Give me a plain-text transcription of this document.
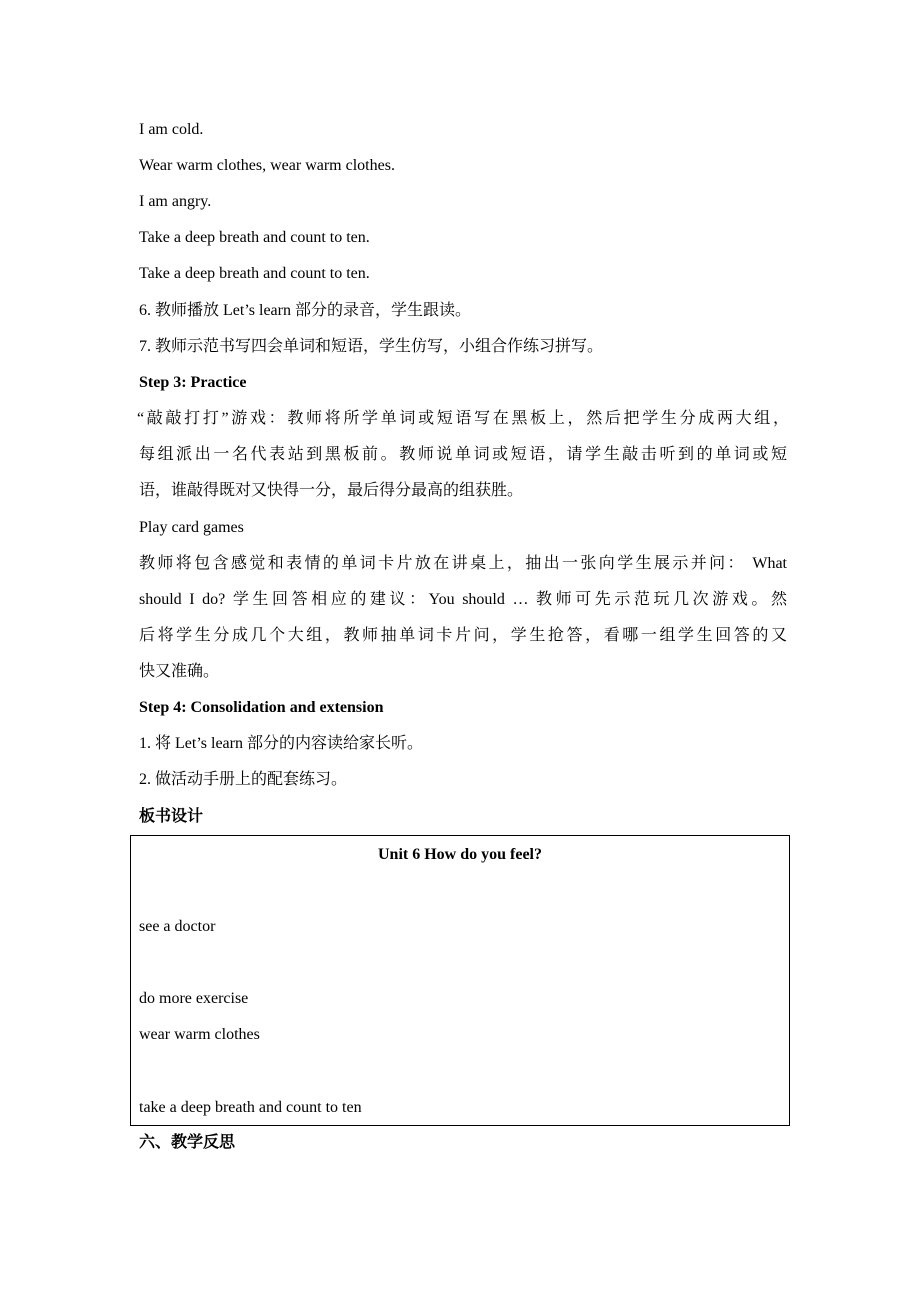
I am cold.
Wear warm clothes, wear warm clothes.
I am angry.
Take a deep breath and count to ten.
Take a deep breath and count to ten.
6. 教师播放 Let’s learn 部分的录音，学生跟读。
7. 教师示范书写四会单词和短语，学生仿写，小组合作练习拼写。
Step 3: Practice
“敲敲打打”游戏：教师将所学单词或短语写在黑板上，然后把学生分成两大组，
每组派出一名代表站到黑板前。教师说单词或短语，请学生敲击听到的单词或短
语，谁敲得既对又快得一分，最后得分最高的组获胜。
Play card games
教师将包含感觉和表情的单词卡片放在讲桌上，抽出一张向学生展示并问： What
should I do? 学生回答相应的建议：You should … 教师可先示范玩几次游戏。然
后将学生分成几个大组，教师抽单词卡片问，学生抢答，看哪一组学生回答的又
快又准确。
Step 4: Consolidation and extension
1. 将 Let’s learn 部分的内容读给家长听。
2. 做活动手册上的配套练习。
板书设计
Unit 6 How do you feel?
see a doctor
do more exercise
wear warm clothes
take a deep breath and count to ten
六、教学反思
